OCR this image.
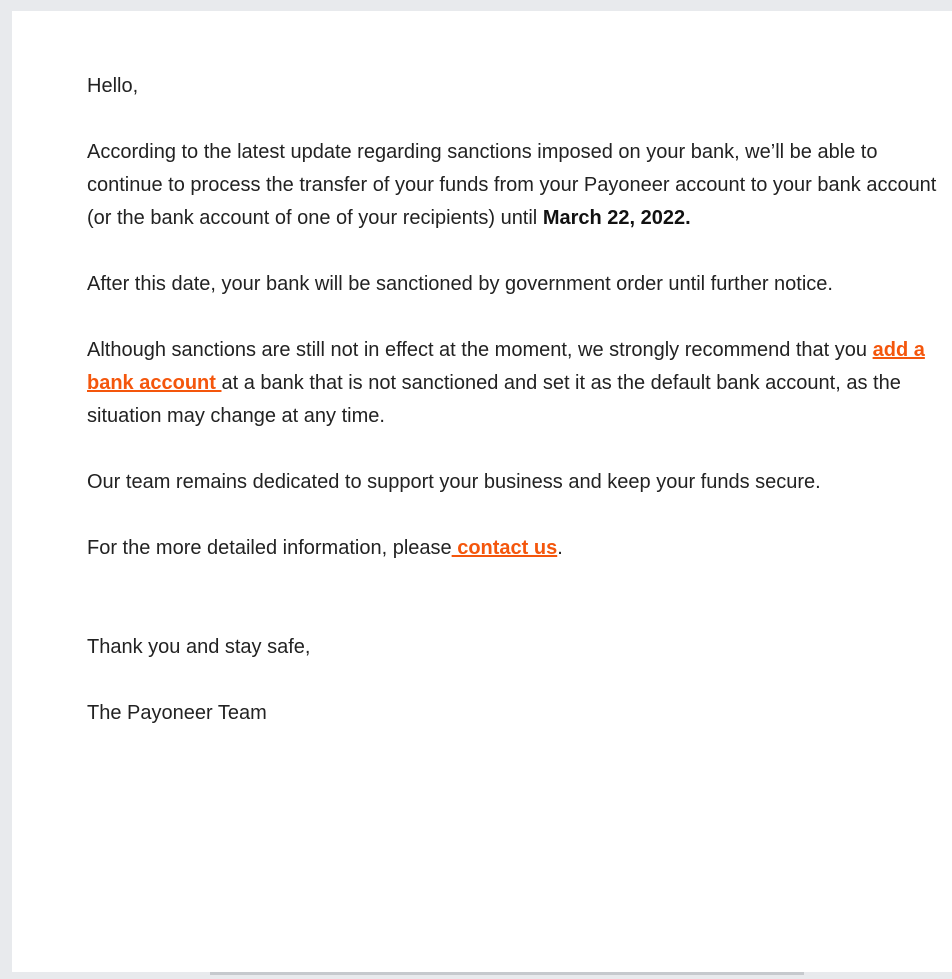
Hello,

According to the latest update regarding sanctions imposed on your bank, we’ll be able to continue to process the transfer of your funds from your Payoneer account to your bank account (or the bank account of one of your recipients) until March 22, 2022.

After this date, your bank will be sanctioned by government order until further notice.

Although sanctions are still not in effect at the moment, we strongly recommend that you add a bank account at a bank that is not sanctioned and set it as the default bank account, as the situation may change at any time.

Our team remains dedicated to support your business and keep your funds secure.

For the more detailed information, please contact us.

Thank you and stay safe,

The Payoneer Team
